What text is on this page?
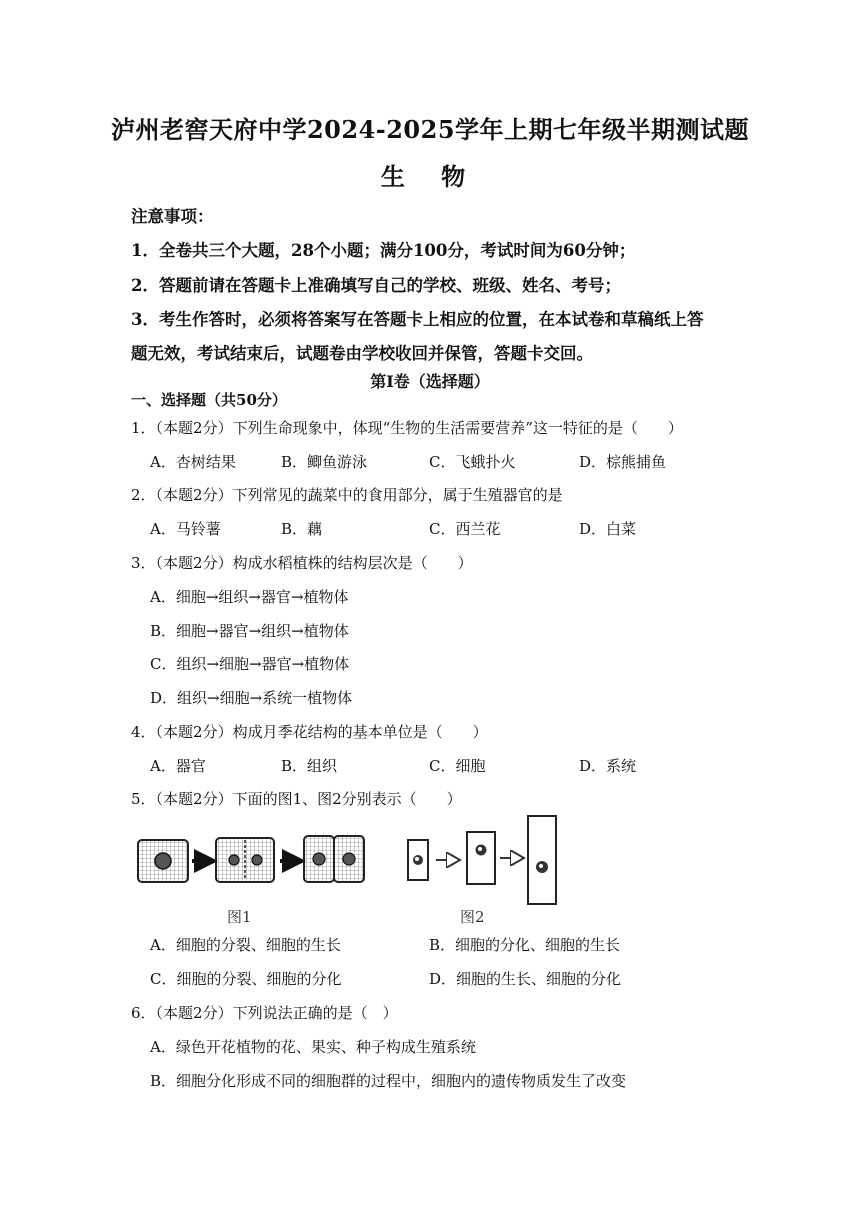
泸州老窖天府中学2024-2025学年上期七年级半期测试题
生 物
注意事项：
1．全卷共三个大题，28个小题；满分100分，考试时间为60分钟；
2．答题前请在答题卡上准确填写自己的学校、班级、姓名、考号；
3．考生作答时，必须将答案写在答题卡上相应的位置，在本试卷和草稿纸上答
题无效，考试结束后，试题卷由学校收回并保管，答题卡交回。
第Ⅰ卷（选择题）
一、选择题（共50分）
1．（本题2分）下列生命现象中，体现“生物的生活需要营养”这一特征的是（　　）
A．杏树结果	B．鲫鱼游泳	C．飞蛾扑火	D．棕熊捕鱼
2．（本题2分）下列常见的蔬菜中的食用部分，属于生殖器官的是
A．马铃薯	B．藕	C．西兰花	D．白菜
3．（本题2分）构成水稻植株的结构层次是（　　）
A．细胞→组织→器官→植物体
B．细胞→器官→组织→植物体
C．组织→细胞→器官→植物体
D．组织→细胞→系统一植物体
4．（本题2分）构成月季花结构的基本单位是（　　）
A．器官	B．组织	C．细胞	D．系统
5．（本题2分）下面的图1、图2分别表示（　　）
图1	图2
A．细胞的分裂、细胞的生长	B．细胞的分化、细胞的生长
C．细胞的分裂、细胞的分化	D．细胞的生长、细胞的分化
6．（本题2分）下列说法正确的是（　）
A．绿色开花植物的花、果实、种子构成生殖系统
B．细胞分化形成不同的细胞群的过程中，细胞内的遗传物质发生了改变
